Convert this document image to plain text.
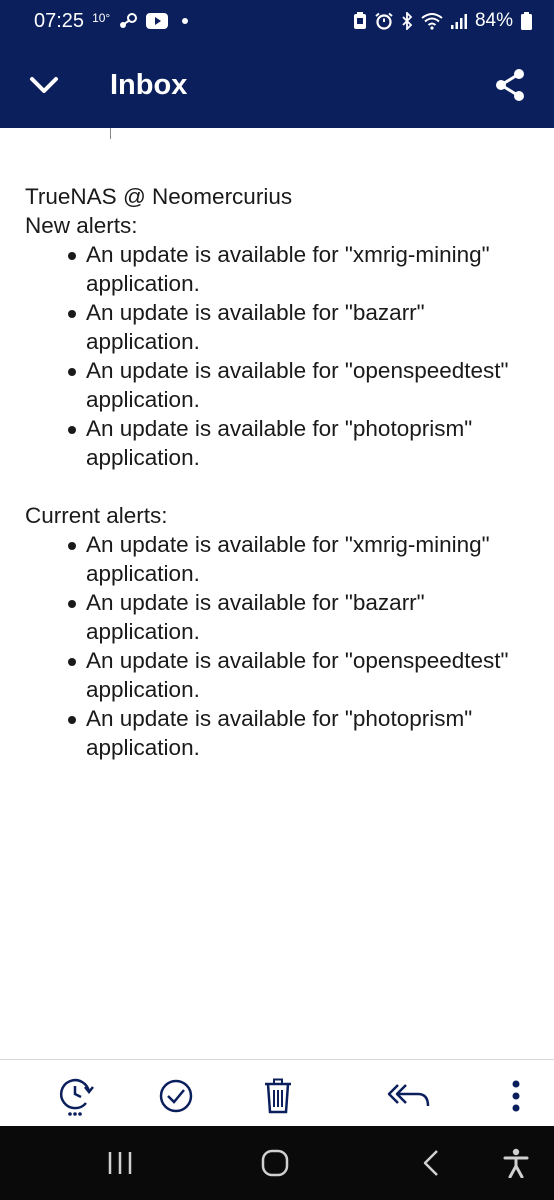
07:25 10°	84%
Inbox

TrueNAS @ Neomercurius

New alerts:

An update is available for "xmrig-mining" application.
An update is available for "bazarr" application.
An update is available for "openspeedtest" application.
An update is available for "photoprism" application.

Current alerts:

An update is available for "xmrig-mining" application.
An update is available for "bazarr" application.
An update is available for "openspeedtest" application.
An update is available for "photoprism" application.
